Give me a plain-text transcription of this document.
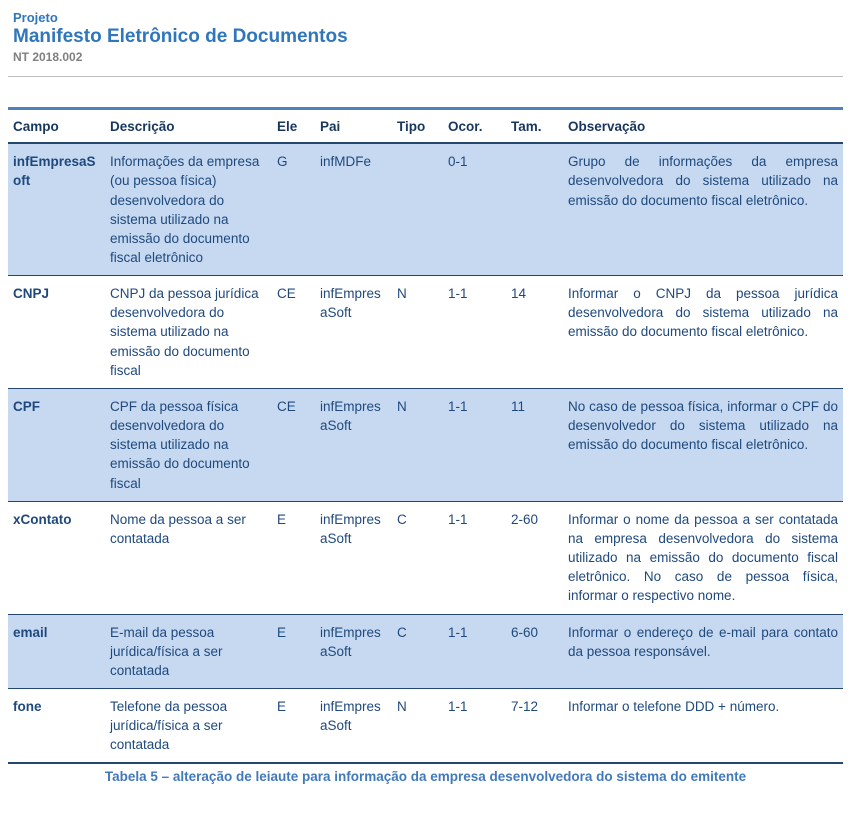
Projeto
Manifesto Eletrônico de Documentos
NT 2018.002
Campo	Descrição	Ele	Pai	Tipo	Ocor.	Tam.	Observação
infEmpresaSoft	Informações da empresa (ou pessoa física) desenvolvedora do sistema utilizado na emissão do documento fiscal eletrônico	G	infMDFe		0-1		Grupo de informações da empresa desenvolvedora do sistema utilizado na emissão do documento fiscal eletrônico.
CNPJ	CNPJ da pessoa jurídica desenvolvedora do sistema utilizado na emissão do documento fiscal	CE	infEmpresaSoft	N	1-1	14	Informar o CNPJ da pessoa jurídica desenvolvedora do sistema utilizado na emissão do documento fiscal eletrônico.
CPF	CPF da pessoa física desenvolvedora do sistema utilizado na emissão do documento fiscal	CE	infEmpresaSoft	N	1-1	11	No caso de pessoa física, informar o CPF do desenvolvedor do sistema utilizado na emissão do documento fiscal eletrônico.
xContato	Nome da pessoa a ser contatada	E	infEmpresaSoft	C	1-1	2-60	Informar o nome da pessoa a ser contatada na empresa desenvolvedora do sistema utilizado na emissão do documento fiscal eletrônico. No caso de pessoa física, informar o respectivo nome.
email	E-mail da pessoa jurídica/física a ser contatada	E	infEmpresaSoft	C	1-1	6-60	Informar o endereço de e-mail para contato da pessoa responsável.
fone	Telefone da pessoa jurídica/física a ser contatada	E	infEmpresaSoft	N	1-1	7-12	Informar o telefone DDD + número.
Tabela 5 – alteração de leiaute para informação da empresa desenvolvedora do sistema do emitente
